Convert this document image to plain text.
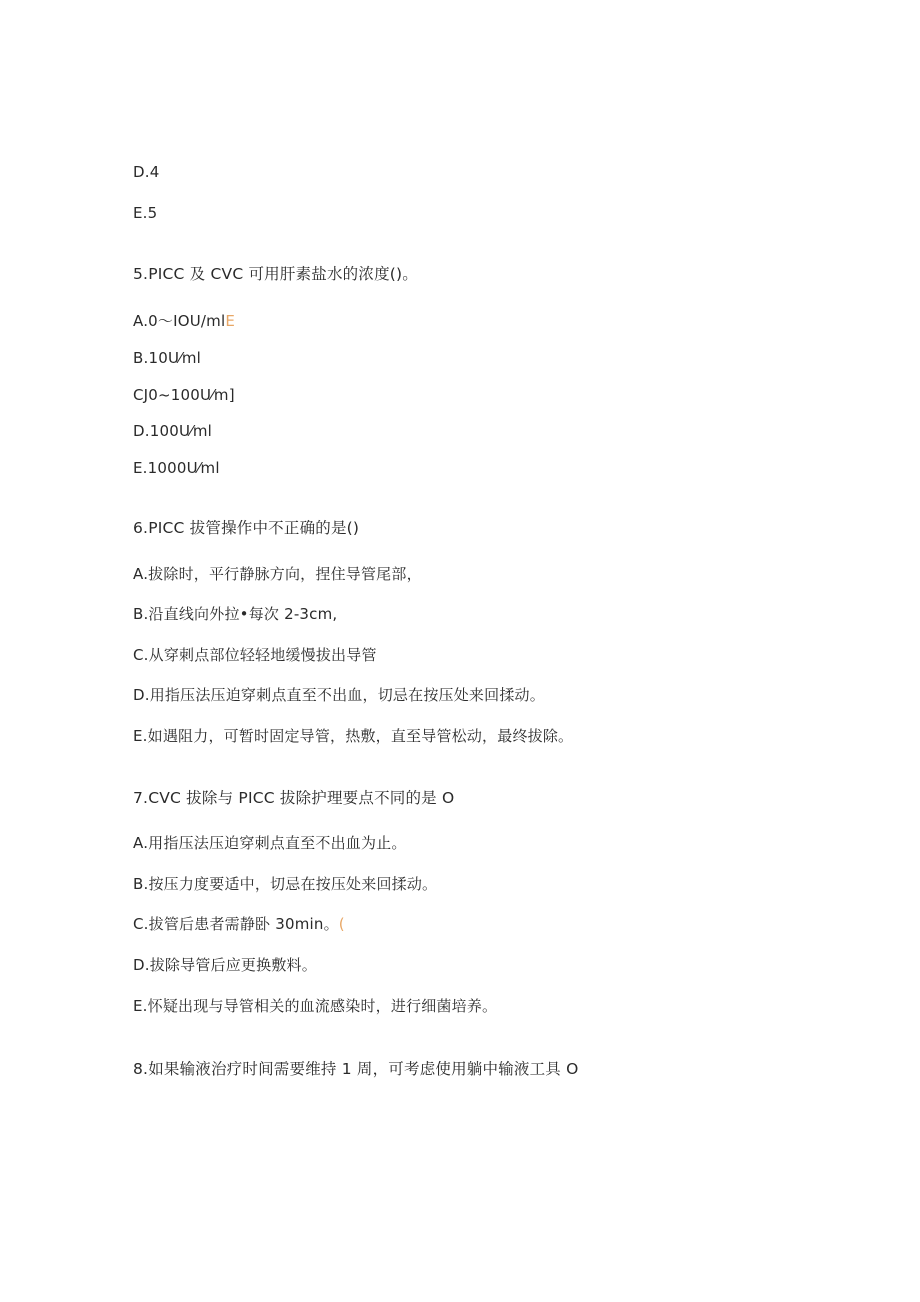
D.4
E.5
5.PICC 及 CVC 可用肝素盐水的浓度()。
A.0〜IOU/mlE
B.10U⁄ml
CJ0~100U⁄m]
D.100U⁄ml
E.1000U⁄ml
6.PICC 拔管操作中不正确的是()
A.拔除时，平行静脉方向，捏住导管尾部，
B.沿直线向外拉•每次 2-3cm,
C.从穿刺点部位轻轻地缓慢拔出导管
D.用指压法压迫穿刺点直至不出血，切忌在按压处来回揉动。
E.如遇阻力，可暂时固定导管，热敷，直至导管松动，最终拔除。
7.CVC 拔除与 PICC 拔除护理要点不同的是 O
A.用指压法压迫穿刺点直至不出血为止。
B.按压力度要适中，切忌在按压处来回揉动。
C.拔管后患者需静卧 30min。(
D.拔除导管后应更换敷料。
E.怀疑出现与导管相关的血流感染时，进行细菌培养。
8.如果输液治疗时间需要维持 1 周，可考虑使用躺中输液工具 O
